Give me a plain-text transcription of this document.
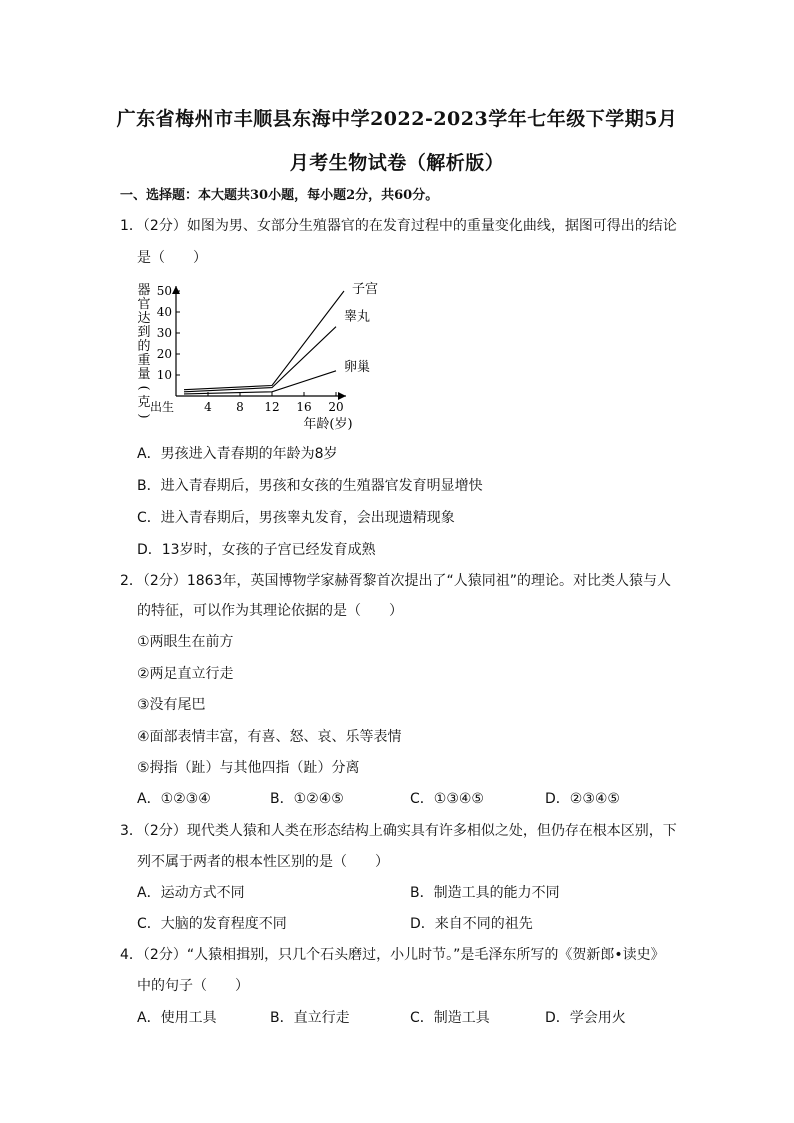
广东省梅州市丰顺县东海中学2022-2023学年七年级下学期5月
月考生物试卷（解析版）
一、选择题：本大题共30小题，每小题2分，共60分。
1．（2分）如图为男、女部分生殖器官的在发育过程中的重量变化曲线，据图可得出的结论
是（　　）
10
20
30
40
50
出生	4 8 12 16 20
器
官
达
到
的
重
量
(
克
)
年龄(岁)
子宫
睾丸
卵巢
A．男孩进入青春期的年龄为8岁
B．进入青春期后，男孩和女孩的生殖器官发育明显增快
C．进入青春期后，男孩睾丸发育，会出现遗精现象
D．13岁时，女孩的子宫已经发育成熟
2．（2分）1863年，英国博物学家赫胥黎首次提出了“人猿同祖”的理论。对比类人猿与人
的特征，可以作为其理论依据的是（　　）
①两眼生在前方
②两足直立行走
③没有尾巴
④面部表情丰富，有喜、怒、哀、乐等表情
⑤拇指（趾）与其他四指（趾）分离
A．①②③④	B．①②④⑤	C．①③④⑤	D．②③④⑤
3．（2分）现代类人猿和人类在形态结构上确实具有许多相似之处，但仍存在根本区别，下
列不属于两者的根本性区别的是（　　）
A．运动方式不同	B．制造工具的能力不同
C．大脑的发育程度不同	D．来自不同的祖先
4．（2分）“人猿相揖别，只几个石头磨过，小儿时节。”是毛泽东所写的《贺新郎•读史》
中的句子（　　）
A．使用工具	B．直立行走	C．制造工具	D．学会用火
